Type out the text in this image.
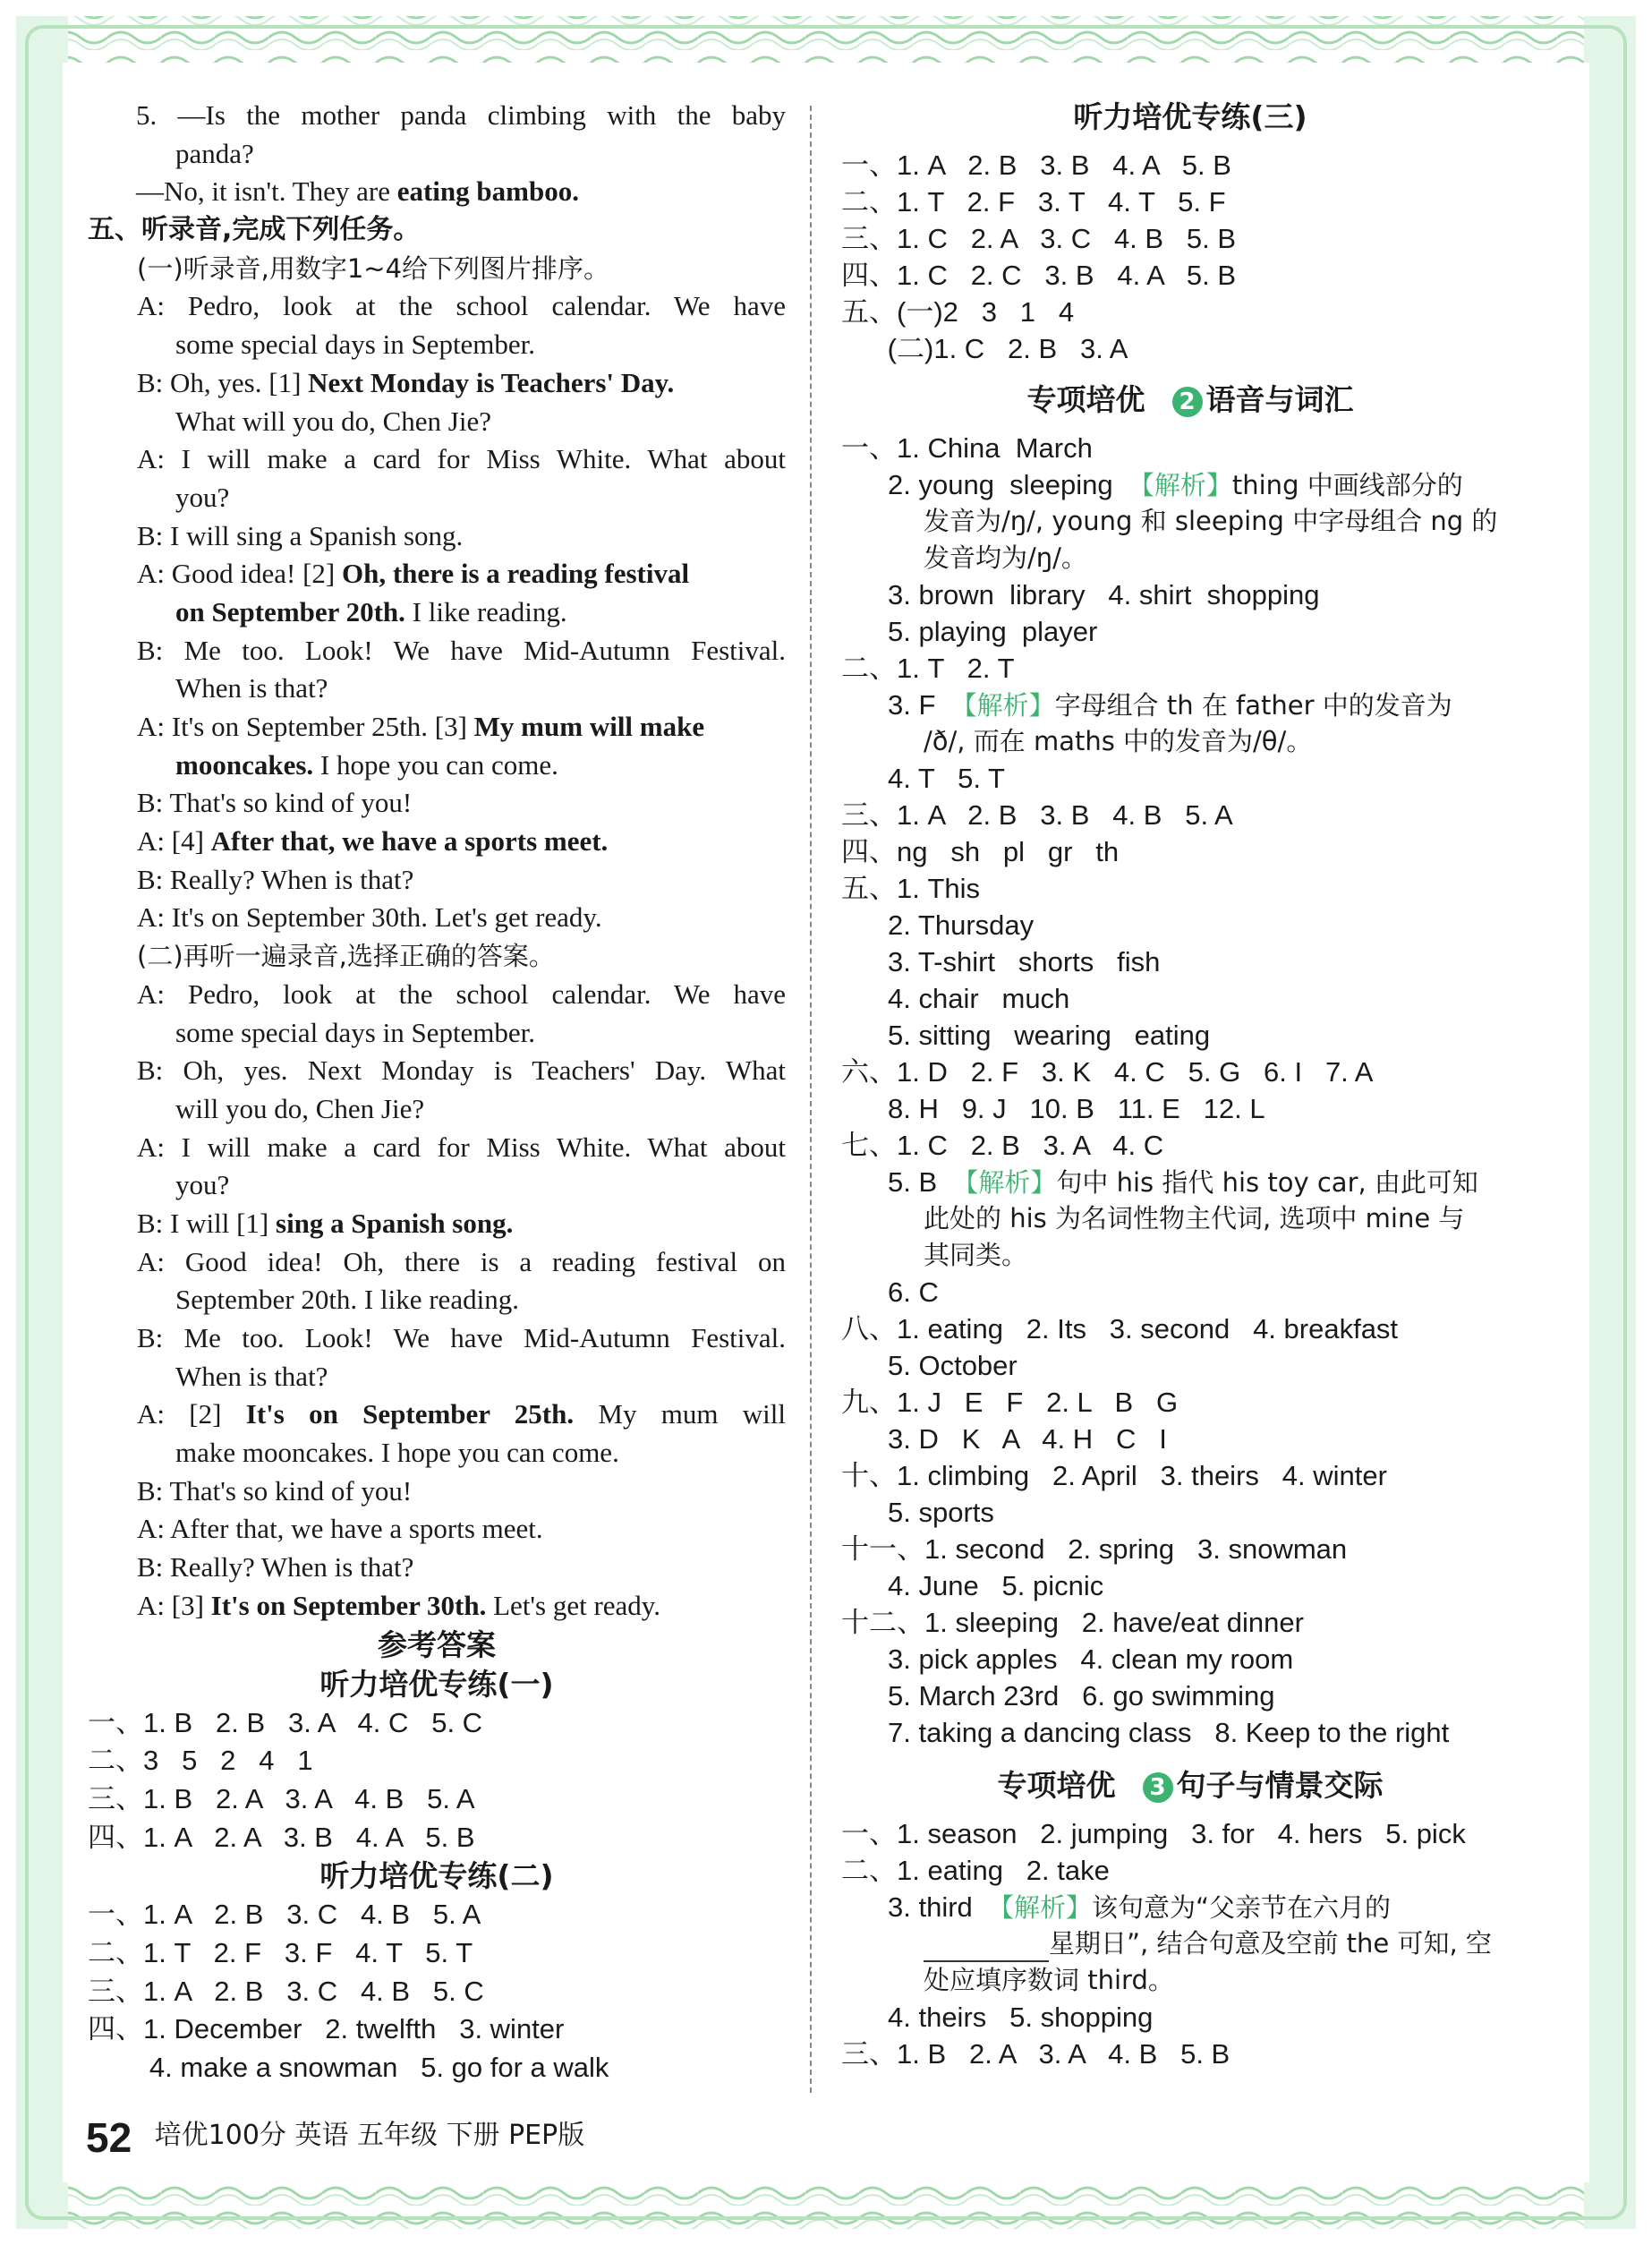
5. —Is the mother panda climbing with the baby
panda?
—No, it isn't. They are eating bamboo.
五、听录音,完成下列任务。
(一)听录音,用数字1~4给下列图片排序。
A: Pedro, look at the school calendar. We have
some special days in September.
B: Oh, yes. [1] Next Monday is Teachers' Day.
What will you do, Chen Jie?
A: I will make a card for Miss White. What about
you?
B: I will sing a Spanish song.
A: Good idea! [2] Oh, there is a reading festival
on September 20th. I like reading.
B: Me too. Look! We have Mid-Autumn Festival.
When is that?
A: It's on September 25th. [3] My mum will make
mooncakes. I hope you can come.
B: That's so kind of you!
A: [4] After that, we have a sports meet.
B: Really? When is that?
A: It's on September 30th. Let's get ready.
(二)再听一遍录音,选择正确的答案。
A: Pedro, look at the school calendar. We have
some special days in September.
B: Oh, yes. Next Monday is Teachers' Day. What
will you do, Chen Jie?
A: I will make a card for Miss White. What about
you?
B: I will [1] sing a Spanish song.
A: Good idea! Oh, there is a reading festival on
September 20th. I like reading.
B: Me too. Look! We have Mid-Autumn Festival.
When is that?
A: [2] It's on September 25th. My mum will
make mooncakes. I hope you can come.
B: That's so kind of you!
A: After that, we have a sports meet.
B: Really? When is that?
A: [3] It's on September 30th. Let's get ready.
参考答案
听力培优专练(一)
一、1. B   2. B   3. A   4. C   5. C
二、3   5   2   4   1
三、1. B   2. A   3. A   4. B   5. A
四、1. A   2. A   3. B   4. A   5. B
听力培优专练(二)
一、1. A   2. B   3. C   4. B   5. A
二、1. T   2. F   3. F   4. T   5. T
三、1. A   2. B   3. C   4. B   5. C
四、1. December   2. twelfth   3. winter
4. make a snowman   5. go for a walk
听力培优专练(三)
一、1. A   2. B   3. B   4. A   5. B
二、1. T   2. F   3. T   4. T   5. F
三、1. C   2. A   3. C   4. B   5. B
四、1. C   2. C   3. B   4. A   5. B
五、(一)2   3   1   4
(二)1. C   2. B   3. A
专项培优 2 语音与词汇
一、1. China  March
2. young  sleeping  【解析】thing 中画线部分的
发音为/ŋ/, young 和 sleeping 中字母组合 ng 的
发音均为/ŋ/。
3. brown  library   4. shirt  shopping
5. playing  player
二、1. T   2. T
3. F  【解析】字母组合 th 在 father 中的发音为
/ð/, 而在 maths 中的发音为/θ/。
4. T   5. T
三、1. A   2. B   3. B   4. B   5. A
四、ng   sh   pl   gr   th
五、1. This
2. Thursday
3. T-shirt   shorts   fish
4. chair   much
5. sitting   wearing   eating
六、1. D   2. F   3. K   4. C   5. G   6. I   7. A
8. H   9. J   10. B   11. E   12. L
七、1. C   2. B   3. A   4. C
5. B  【解析】句中 his 指代 his toy car, 由此可知
此处的 his 为名词性物主代词, 选项中 mine 与
其同类。
6. C
八、1. eating   2. Its   3. second   4. breakfast
5. October
九、1. J   E   F   2. L   B   G
3. D   K   A   4. H   C   I
十、1. climbing   2. April   3. theirs   4. winter
5. sports
十一、1. second   2. spring   3. snowman
4. June   5. picnic
十二、1. sleeping   2. have/eat dinner
3. pick apples   4. clean my room
5. March 23rd   6. go swimming
7. taking a dancing class   8. Keep to the right
专项培优 3 句子与情景交际
一、1. season   2. jumping   3. for   4. hers   5. pick
二、1. eating   2. take
3. third  【解析】该句意为“父亲节在六月的
星期日”, 结合句意及空前 the 可知, 空
处应填序数词 third。
4. theirs   5. shopping
三、1. B   2. A   3. A   4. B   5. B
52 培优100分 英语 五年级 下册 PEP版
